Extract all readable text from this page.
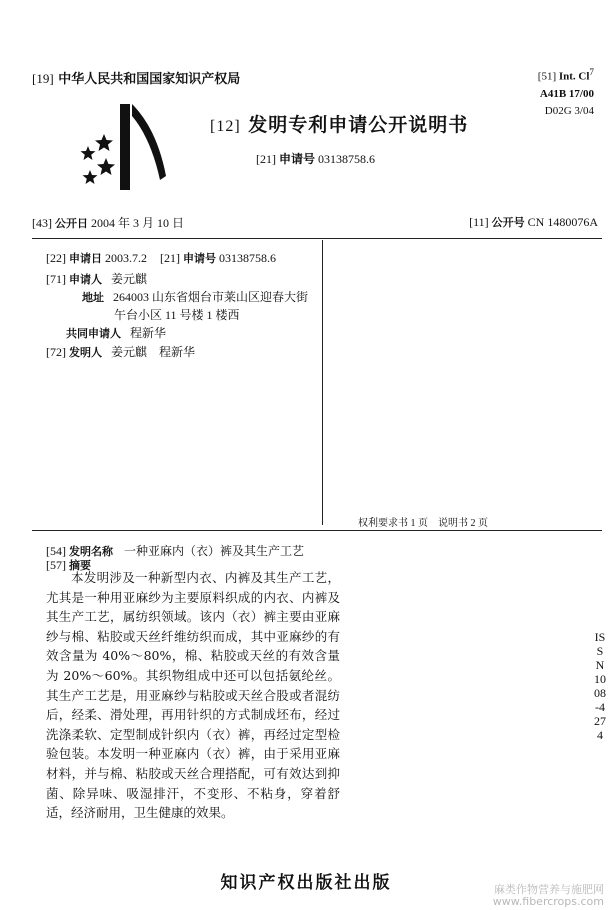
[19] 中华人民共和国国家知识产权局	[51] Int. Cl$^7$
A41B 17/00
D02G 3/04
[12] 发明专利申请公开说明书
[21] 申请号 03138758.6
[43] 公开日 2004 年 3 月 10 日	[11] 公开号 CN 1480076A
[22] 申请日 2003.7.2 [21] 申请号 03138758.6
[71] 申请人 姜元麒
地址 264003 山东省烟台市莱山区迎春大街
午台小区 11 号楼 1 楼西
共同申请人 程新华
[72] 发明人 姜元麒　程新华
权利要求书 1 页　说明书 2 页
[54] 发明名称 一种亚麻内（衣）裤及其生产工艺
[57] 摘要
本发明涉及一种新型内衣、内裤及其生产工艺，尤其是一种用亚麻纱为主要原料织成的内衣、内裤及其生产工艺，属纺织领域。该内（衣）裤主要由亚麻纱与棉、粘胶或天丝纤维纺织而成，其中亚麻纱的有效含量为 40%～80%，棉、粘胶或天丝的有效含量为 20%～60%。其织物组成中还可以包括氨纶丝。其生产工艺是，用亚麻纱与粘胶或天丝合股或者混纺后，经柔、滑处理，再用针织的方式制成坯布，经过洗涤柔软、定型制成针织内（衣）裤，再经过定型检验包装。本发明一种亚麻内（衣）裤，由于采用亚麻材料，并与棉、粘胶或天丝合理搭配，可有效达到抑菌、除异味、吸湿排汗，不变形、不粘身，穿着舒适，经济耐用，卫生健康的效果。
ISSN1008-4274
知识产权出版社出版	麻类作物营养与施肥网
www.fibercrops.com
